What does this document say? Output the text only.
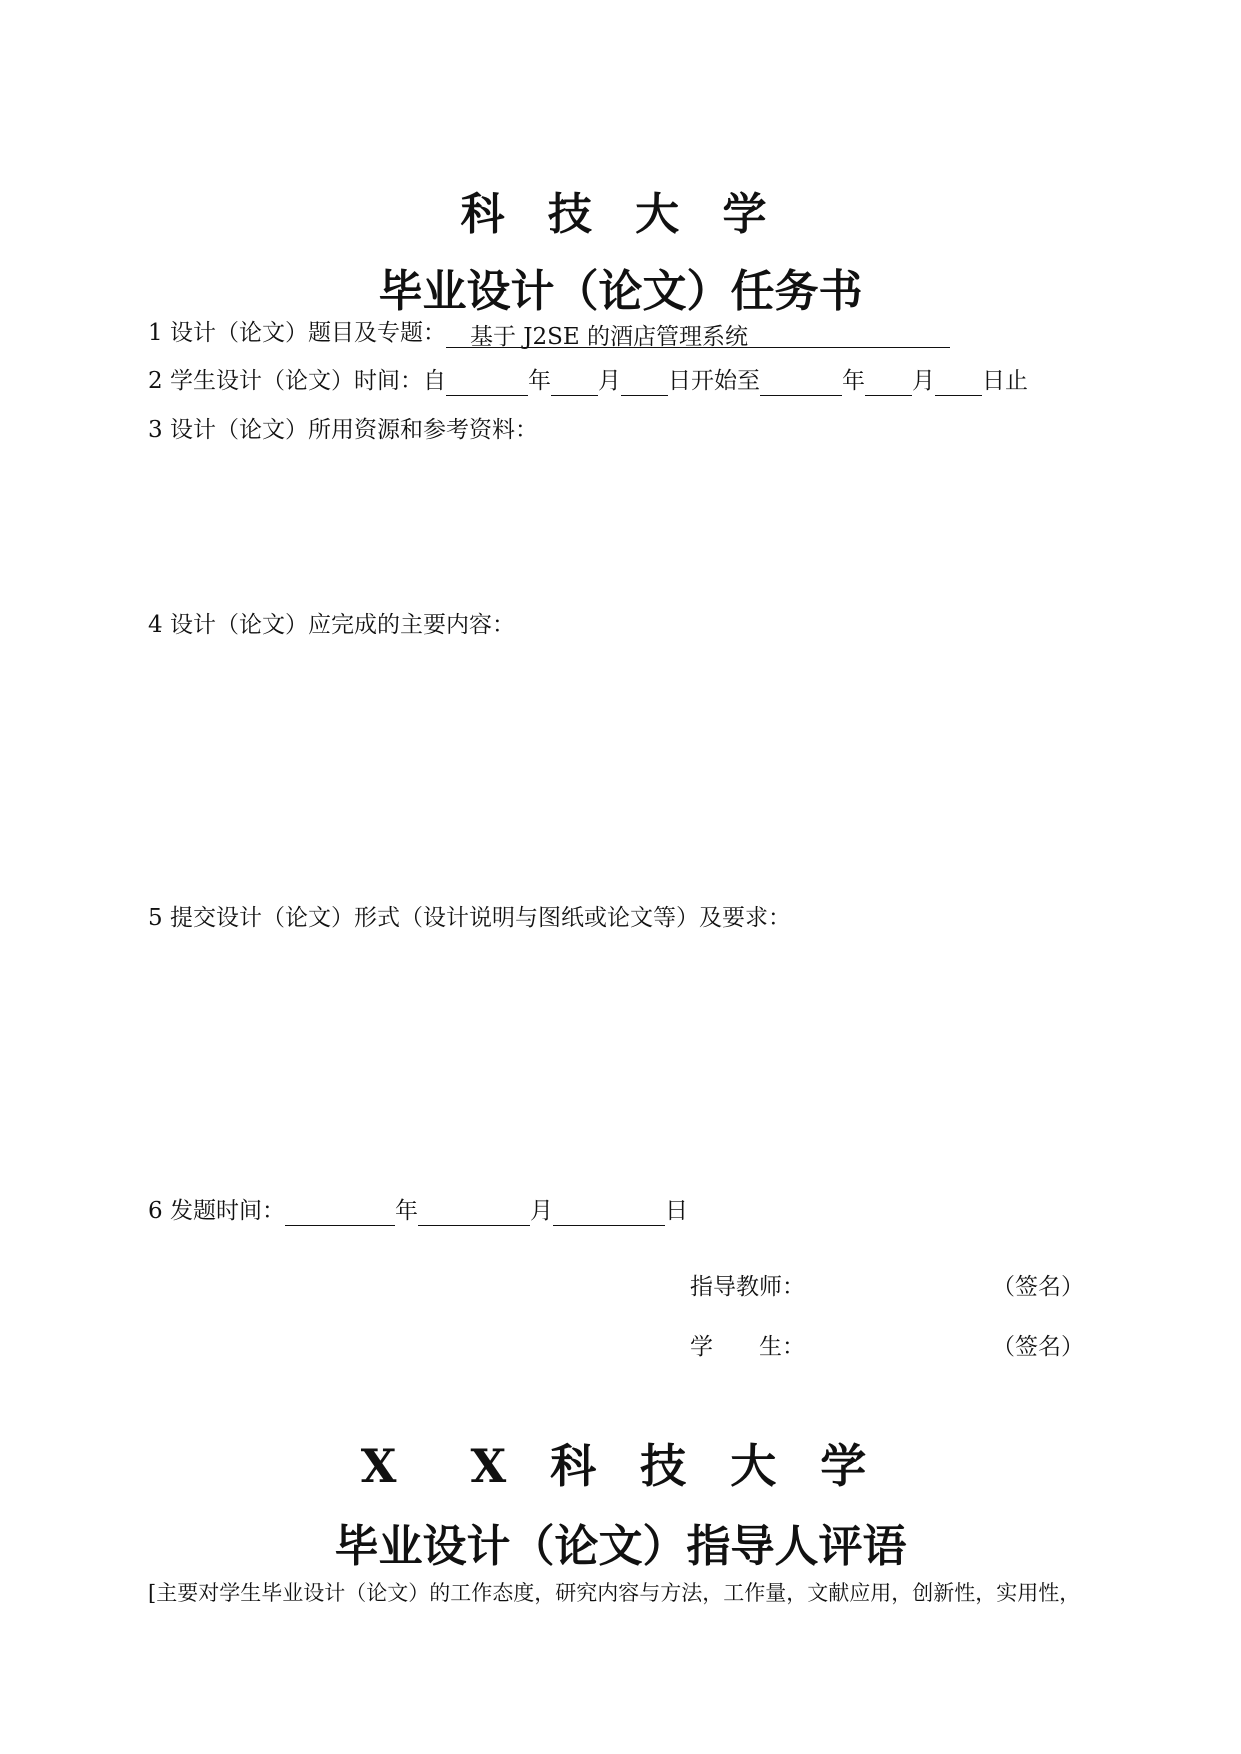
科 技 大 学
毕业设计（论文）任务书
1 设计（论文）题目及专题： 基于 J2SE 的酒店管理系统
2 学生设计（论文）时间：自	年 月 日开始至	年 月 日止
3 设计（论文）所用资源和参考资料：
4 设计（论文）应完成的主要内容：
5 提交设计（论文）形式（设计说明与图纸或论文等）及要求：
6 发题时间：	年	月	日
指导教师：	（签名）
学　　生：	（签名）
X　X 科 技 大 学
毕业设计（论文）指导人评语
[主要对学生毕业设计（论文）的工作态度，研究内容与方法，工作量，文献应用，创新性，实用性，
